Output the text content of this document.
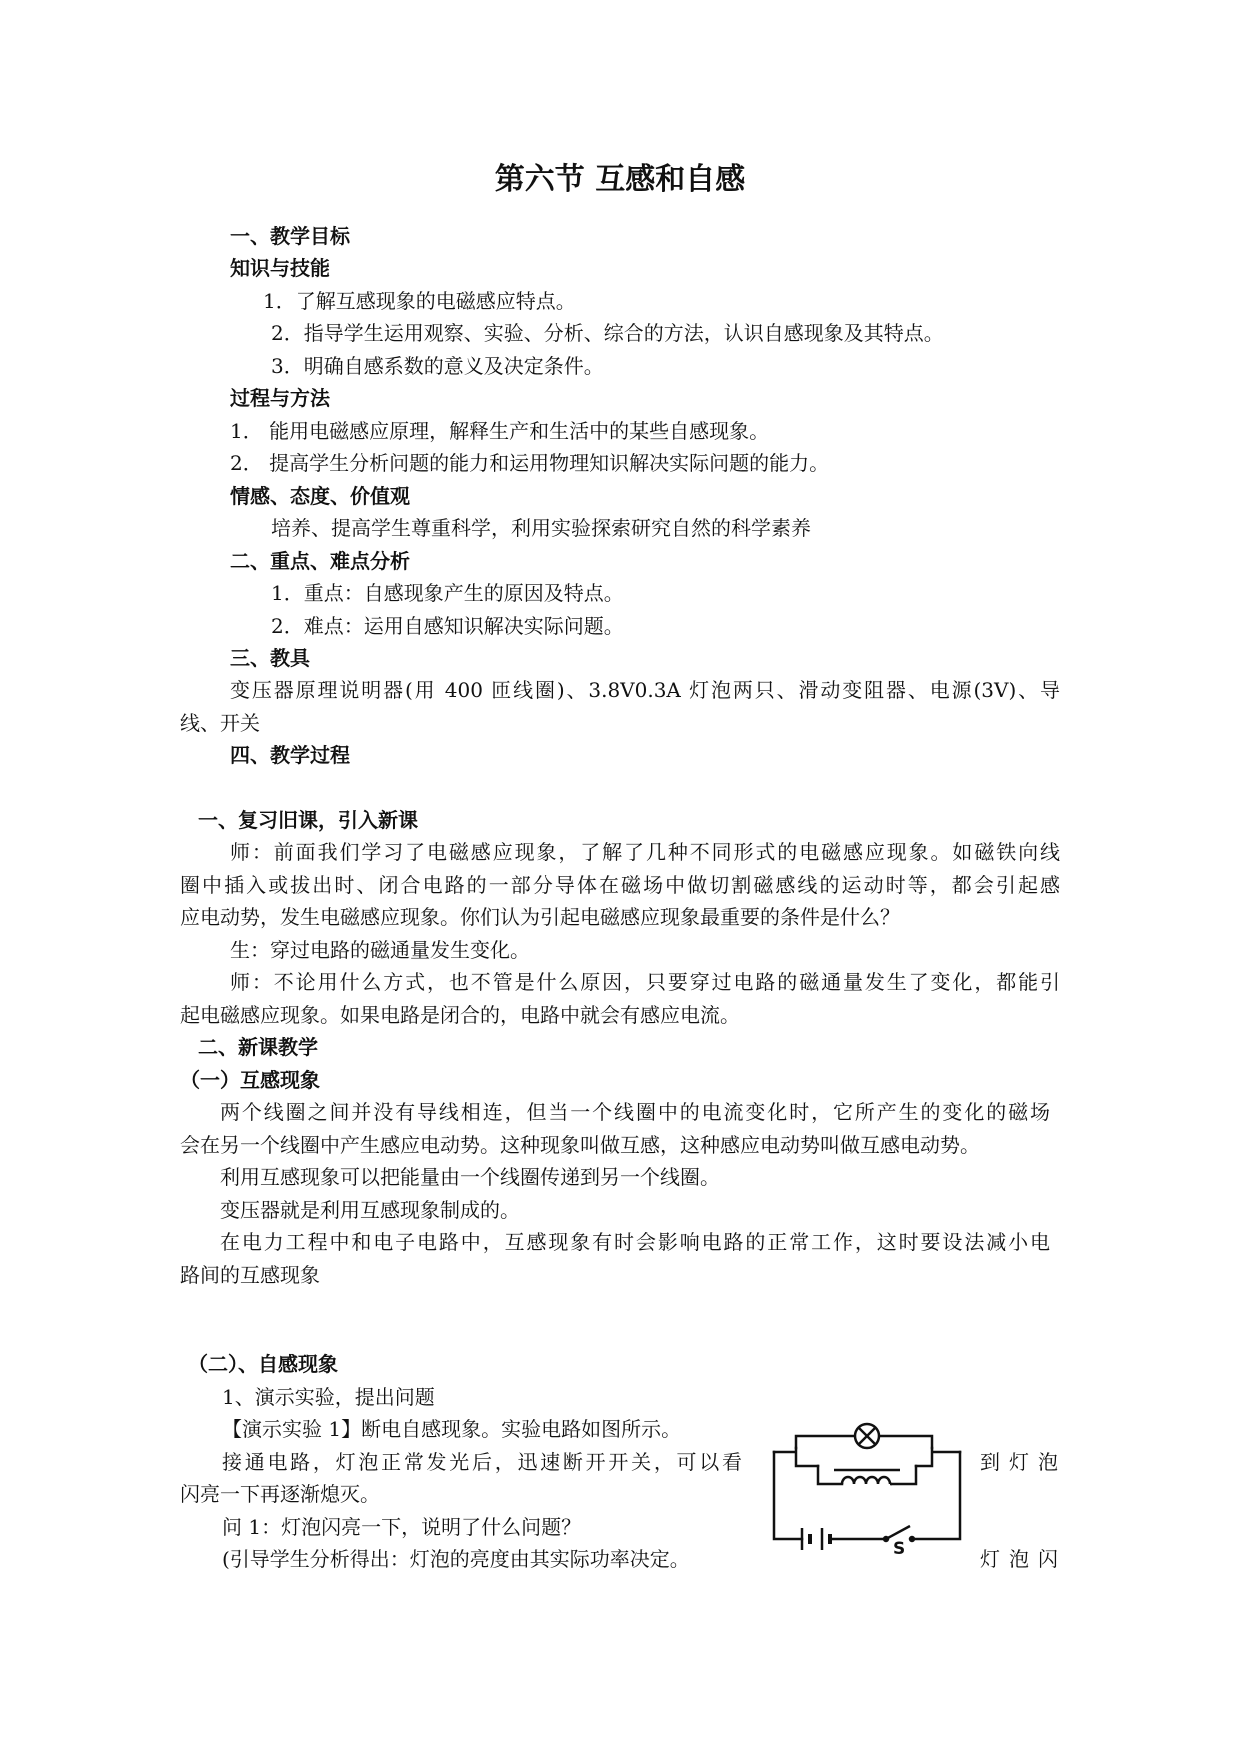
第六节 互感和自感
一、教学目标
知识与技能
1．了解互感现象的电磁感应特点。
2．指导学生运用观察、实验、分析、综合的方法，认识自感现象及其特点。
3．明确自感系数的意义及决定条件。
过程与方法
1． 能用电磁感应原理，解释生产和生活中的某些自感现象。
2． 提高学生分析问题的能力和运用物理知识解决实际问题的能力。
情感、态度、价值观
培养、提高学生尊重科学，利用实验探索研究自然的科学素养
二、重点、难点分析
1．重点：自感现象产生的原因及特点。
2．难点：运用自感知识解决实际问题。
三、教具
变压器原理说明器(用 400 匝线圈)、3.8V0.3A 灯泡两只、滑动变阻器、电源(3V)、导
线、开关
四、教学过程
一、复习旧课，引入新课
师：前面我们学习了电磁感应现象，了解了几种不同形式的电磁感应现象。如磁铁向线
圈中插入或拔出时、闭合电路的一部分导体在磁场中做切割磁感线的运动时等，都会引起感
应电动势，发生电磁感应现象。你们认为引起电磁感应现象最重要的条件是什么？
生：穿过电路的磁通量发生变化。
师：不论用什么方式，也不管是什么原因，只要穿过电路的磁通量发生了变化，都能引
起电磁感应现象。如果电路是闭合的，电路中就会有感应电流。
二、新课教学
（一）互感现象
两个线圈之间并没有导线相连，但当一个线圈中的电流变化时，它所产生的变化的磁场
会在另一个线圈中产生感应电动势。这种现象叫做互感，这种感应电动势叫做互感电动势。
利用互感现象可以把能量由一个线圈传递到另一个线圈。
变压器就是利用互感现象制成的。
在电力工程中和电子电路中，互感现象有时会影响电路的正常工作，这时要设法减小电
路间的互感现象
（二）、自感现象
1、演示实验，提出问题
【演示实验 1】断电自感现象。实验电路如图所示。
接通电路，灯泡正常发光后，迅速断开开关，可以看	到灯泡
闪亮一下再逐渐熄灭。
问 1：灯泡闪亮一下，说明了什么问题？
(引导学生分析得出：灯泡的亮度由其实际功率决定。	灯泡闪
S
